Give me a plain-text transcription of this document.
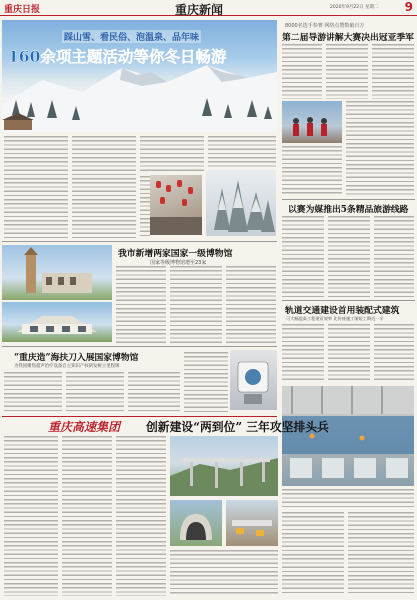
重庆日报	重庆新闻	2020年9月22日 星期二 9
踩山雪、看民俗、泡温泉、品年味
160余项主题活动等你冬日畅游
8000名选手参赛 网络点赞数破百万
第二届导游讲解大赛决出冠亚季军
以赛为媒推出5条精品旅游线路
我市新增两家国家一级博物馆
国家等级博物馆增至23家
轨道交通建设首用装配式建筑
可大幅提高工程建设效率 比传统施工缩短工期近一半
“重庆造”海扶刀入展国家博物馆
为我国聚焦超声治疗设备自主知识产权研发树立里程碑
重庆高速集团 创新建设“两到位” 三年攻坚排头兵
